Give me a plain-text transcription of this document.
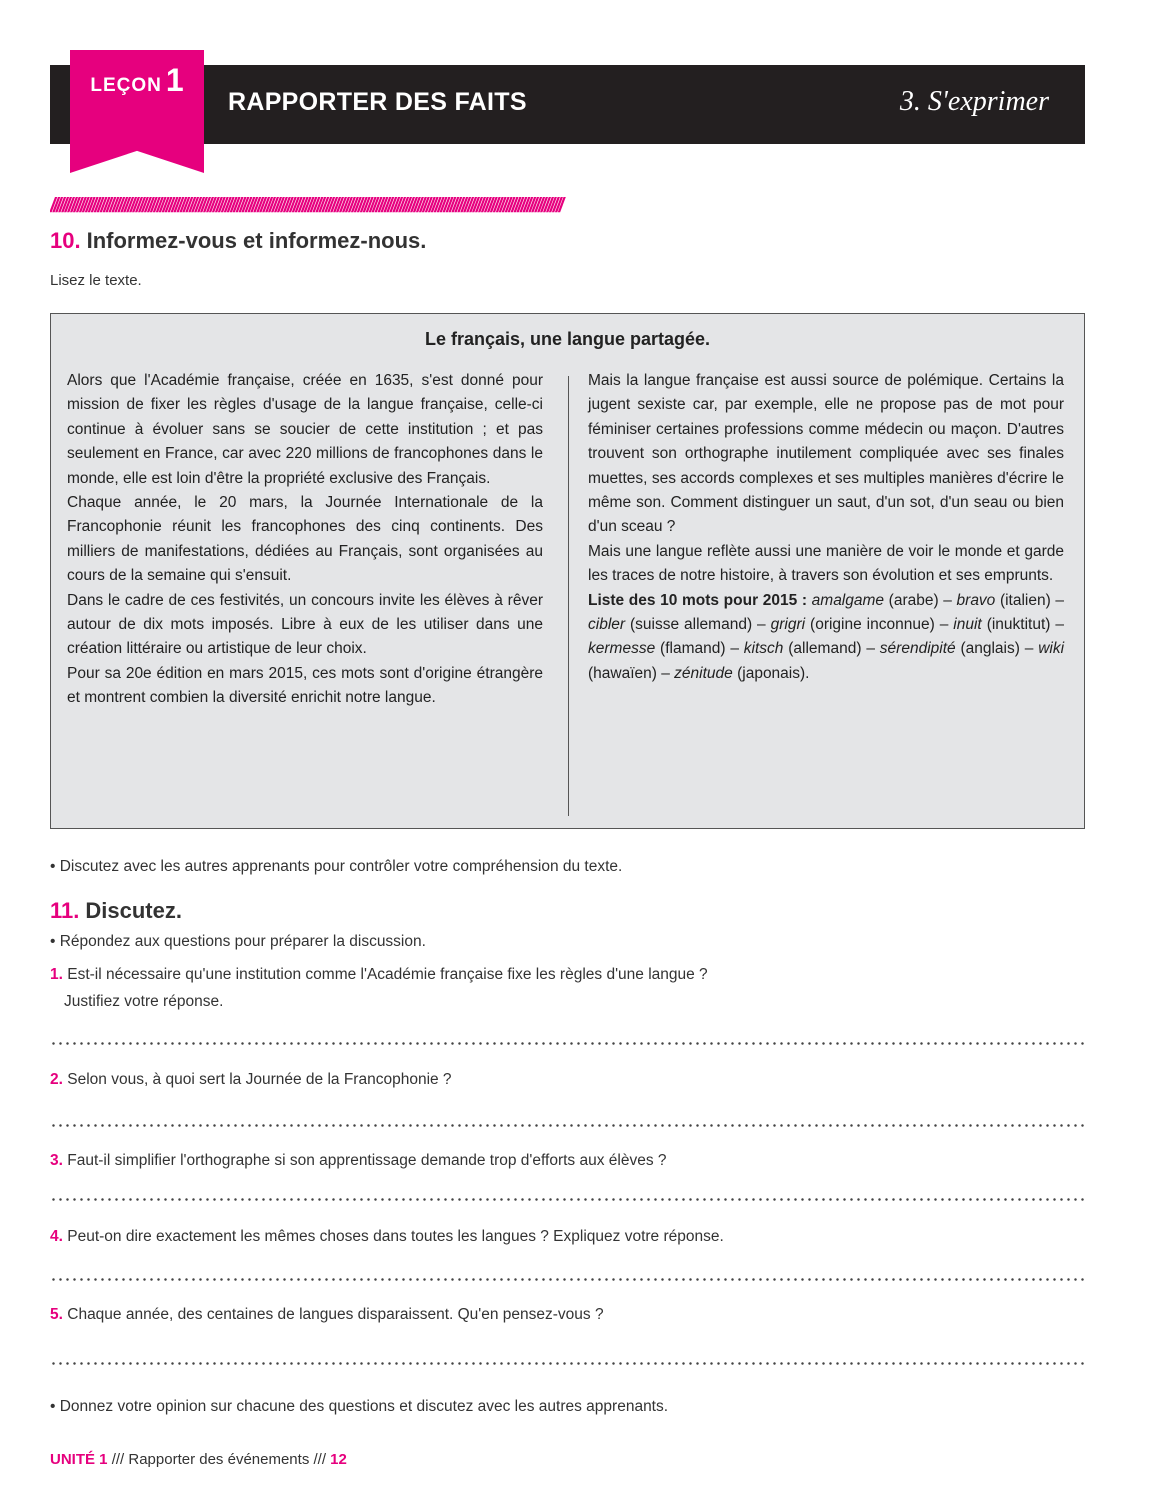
LEÇON 1
RAPPORTER DES FAITS	3. S'exprimer
/////////////////////////////////////////////////////////////////////////////////////////////////////////////////////////////////////////////////////////////////////////////
10. Informez-vous et informez-nous.
Lisez le texte.
Le français, une langue partagée.

Alors que l'Académie française, créée en 1635, s'est donné pour mission de fixer les règles d'usage de la langue française, celle-ci continue à évoluer sans se soucier de cette institution ; et pas seulement en France, car avec 220 millions de francophones dans le monde, elle est loin d'être la propriété exclusive des Français.

Chaque année, le 20 mars, la Journée Internationale de la Francophonie réunit les francophones des cinq continents. Des milliers de manifestations, dédiées au Français, sont organisées au cours de la semaine qui s'ensuit.

Dans le cadre de ces festivités, un concours invite les élèves à rêver autour de dix mots imposés. Libre à eux de les utiliser dans une création littéraire ou artistique de leur choix.

Pour sa 20e édition en mars 2015, ces mots sont d'origine étrangère et montrent combien la diversité enrichit notre langue.

Mais la langue française est aussi source de polémique. Certains la jugent sexiste car, par exemple, elle ne propose pas de mot pour féminiser certaines professions comme médecin ou maçon. D'autres trouvent son orthographe inutilement compliquée avec ses finales muettes, ses accords complexes et ses multiples manières d'écrire le même son. Comment distinguer un saut, d'un sot, d'un seau ou bien d'un sceau ?

Mais une langue reflète aussi une manière de voir le monde et garde les traces de notre histoire, à travers son évolution et ses emprunts.

Liste des 10 mots pour 2015 : amalgame (arabe) – bravo (italien) – cibler (suisse allemand) – grigri (origine inconnue) – inuit (inuktitut) – kermesse (flamand) – kitsch (allemand) – sérendipité (anglais) – wiki (hawaïen) – zénitude (japonais).

• Discutez avec les autres apprenants pour contrôler votre compréhension du texte.
11. Discutez.
• Répondez aux questions pour préparer la discussion.
1. Est-il nécessaire qu'une institution comme l'Académie française fixe les règles d'une langue ?
Justifiez votre réponse.
2. Selon vous, à quoi sert la Journée de la Francophonie ?
3. Faut-il simplifier l'orthographe si son apprentissage demande trop d'efforts aux élèves ?
4. Peut-on dire exactement les mêmes choses dans toutes les langues ? Expliquez votre réponse.
5. Chaque année, des centaines de langues disparaissent. Qu'en pensez-vous ?
• Donnez votre opinion sur chacune des questions et discutez avec les autres apprenants.
UNITÉ 1 /// Rapporter des événements /// 12
